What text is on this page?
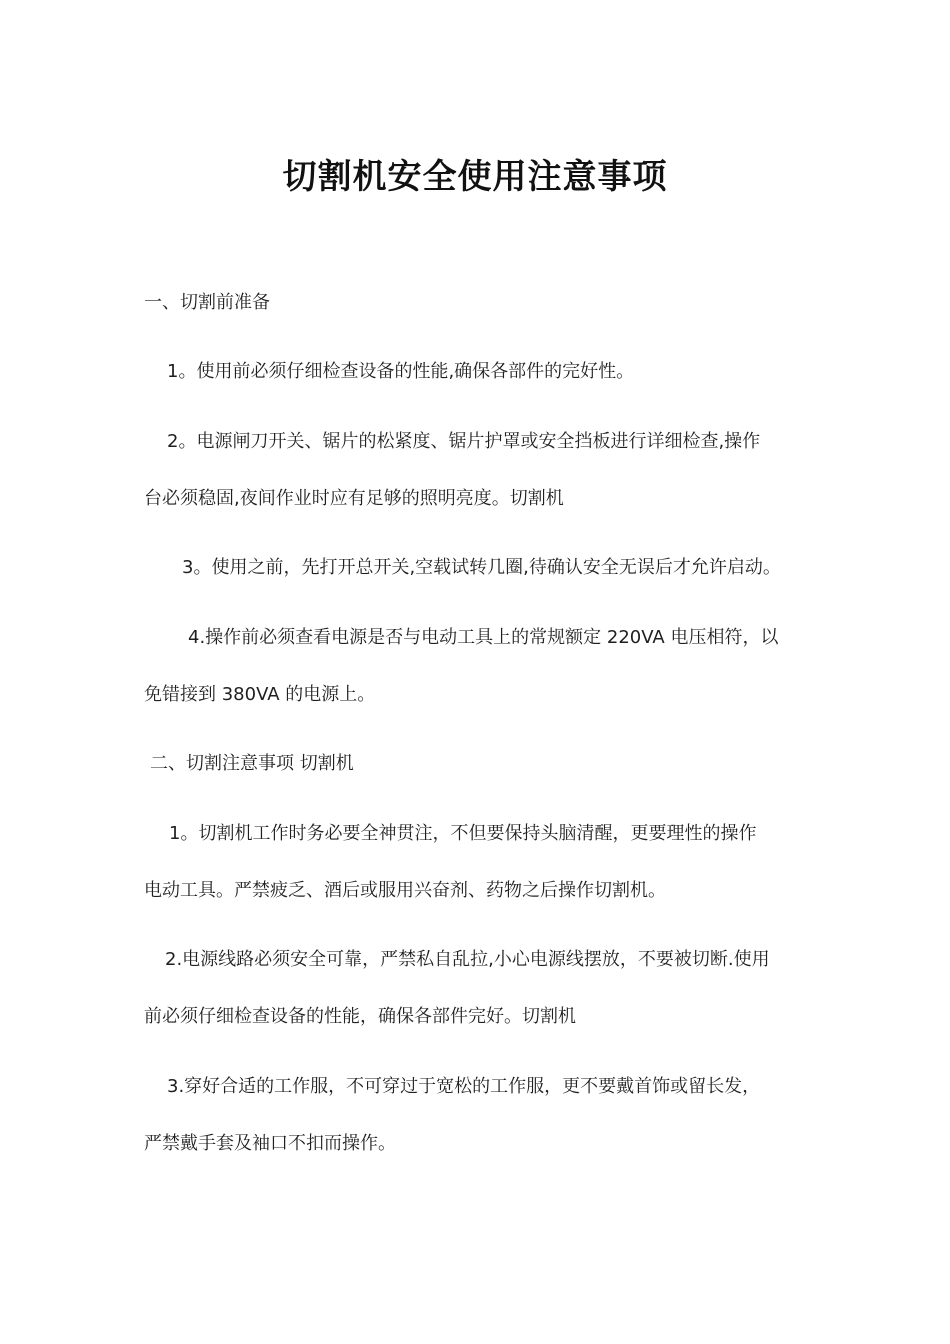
切割机安全使用注意事项
一、切割前准备
1。使用前必须仔细检查设备的性能,确保各部件的完好性。
2。电源闸刀开关、锯片的松紧度、锯片护罩或安全挡板进行详细检查,操作
台必须稳固,夜间作业时应有足够的照明亮度。切割机
3。使用之前，先打开总开关,空载试转几圈,待确认安全无误后才允许启动。
4.操作前必须查看电源是否与电动工具上的常规额定 220VA 电压相符，以
免错接到 380VA 的电源上。
二、切割注意事项 切割机
1。切割机工作时务必要全神贯注，不但要保持头脑清醒，更要理性的操作
电动工具。严禁疲乏、酒后或服用兴奋剂、药物之后操作切割机。
2.电源线路必须安全可靠，严禁私自乱拉,小心电源线摆放，不要被切断.使用
前必须仔细检查设备的性能，确保各部件完好。切割机
3.穿好合适的工作服，不可穿过于宽松的工作服，更不要戴首饰或留长发，
严禁戴手套及袖口不扣而操作。
